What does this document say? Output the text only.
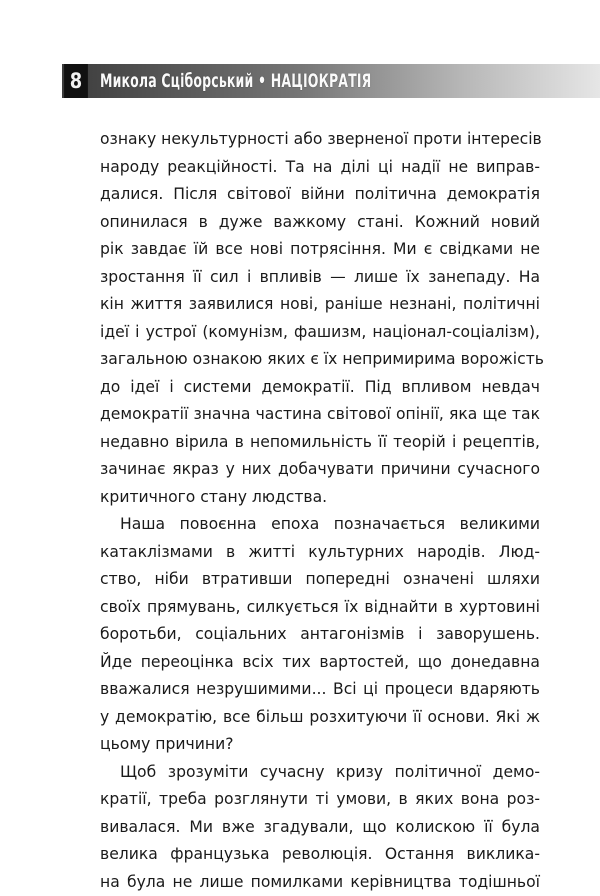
8 Микола Сціборський • НАЦІОКРАТІЯ
ознаку некультурності або зверненої проти інтересів
народу реакційності. Та на ділі ці надії не виправ-
далися. Після світової війни політична демократія
опинилася в дуже важкому стані. Кожний новий
рік завдає їй все нові потрясіння. Ми є свідками не
зростання її сил і впливів — лише їх занепаду. На
кін життя заявилися нові, раніше незнані, політичні
ідеї і устрої (комунізм, фашизм, націонал-соціалізм),
загальною ознакою яких є їх непримирима ворожість
до ідеї і системи демократії. Під впливом невдач
демократії значна частина світової опінії, яка ще так
недавно вірила в непомильність її теорій і рецептів,
зачинає якраз у них добачувати причини сучасного
критичного стану людства.
Наша повоєнна епоха позначається великими
катаклізмами в житті культурних народів. Люд-
ство, ніби втративши попередні означені шляхи
своїх прямувань, силкується їх віднайти в хуртовині
боротьби, соціальних антагонізмів і заворушень.
Йде переоцінка всіх тих вартостей, що донедавна
вважалися незрушимими... Всі ці процеси вдаряють
у демократію, все більш розхитуючи її основи. Які ж
цьому причини?
Щоб зрозуміти сучасну кризу політичної демо-
кратії, треба розглянути ті умови, в яких вона роз-
вивалася. Ми вже згадували, що колискою її була
велика французька революція. Остання виклика-
на була не лише помилками керівництва тодішньої
